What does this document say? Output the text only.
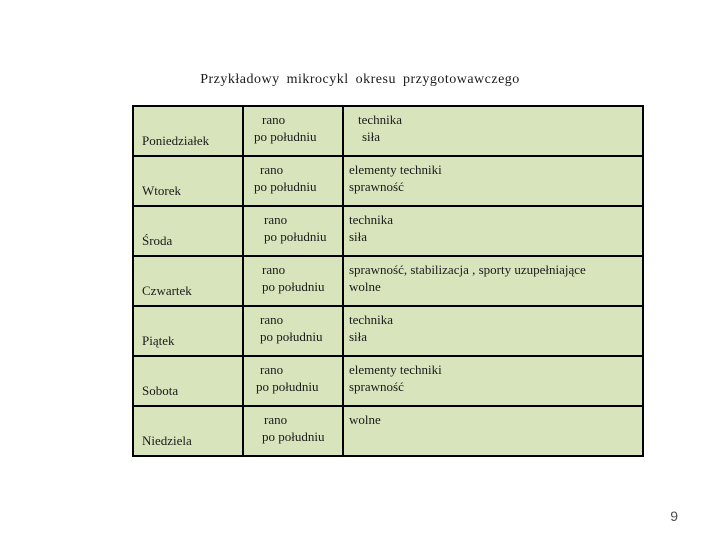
Przykładowy mikrocykl okresu przygotowawczego
Poniedziałek
rano
po południu
technika
siła
Wtorek
rano
po południu
elementy techniki
sprawność
Środa
rano
po południu
technika
siła
Czwartek
rano
po południu
sprawność, stabilizacja , sporty uzupełniające
wolne
Piątek
rano
po południu
technika
siła
Sobota
rano
po południu
elementy techniki
sprawność
Niedziela
rano
po południu
wolne
9
